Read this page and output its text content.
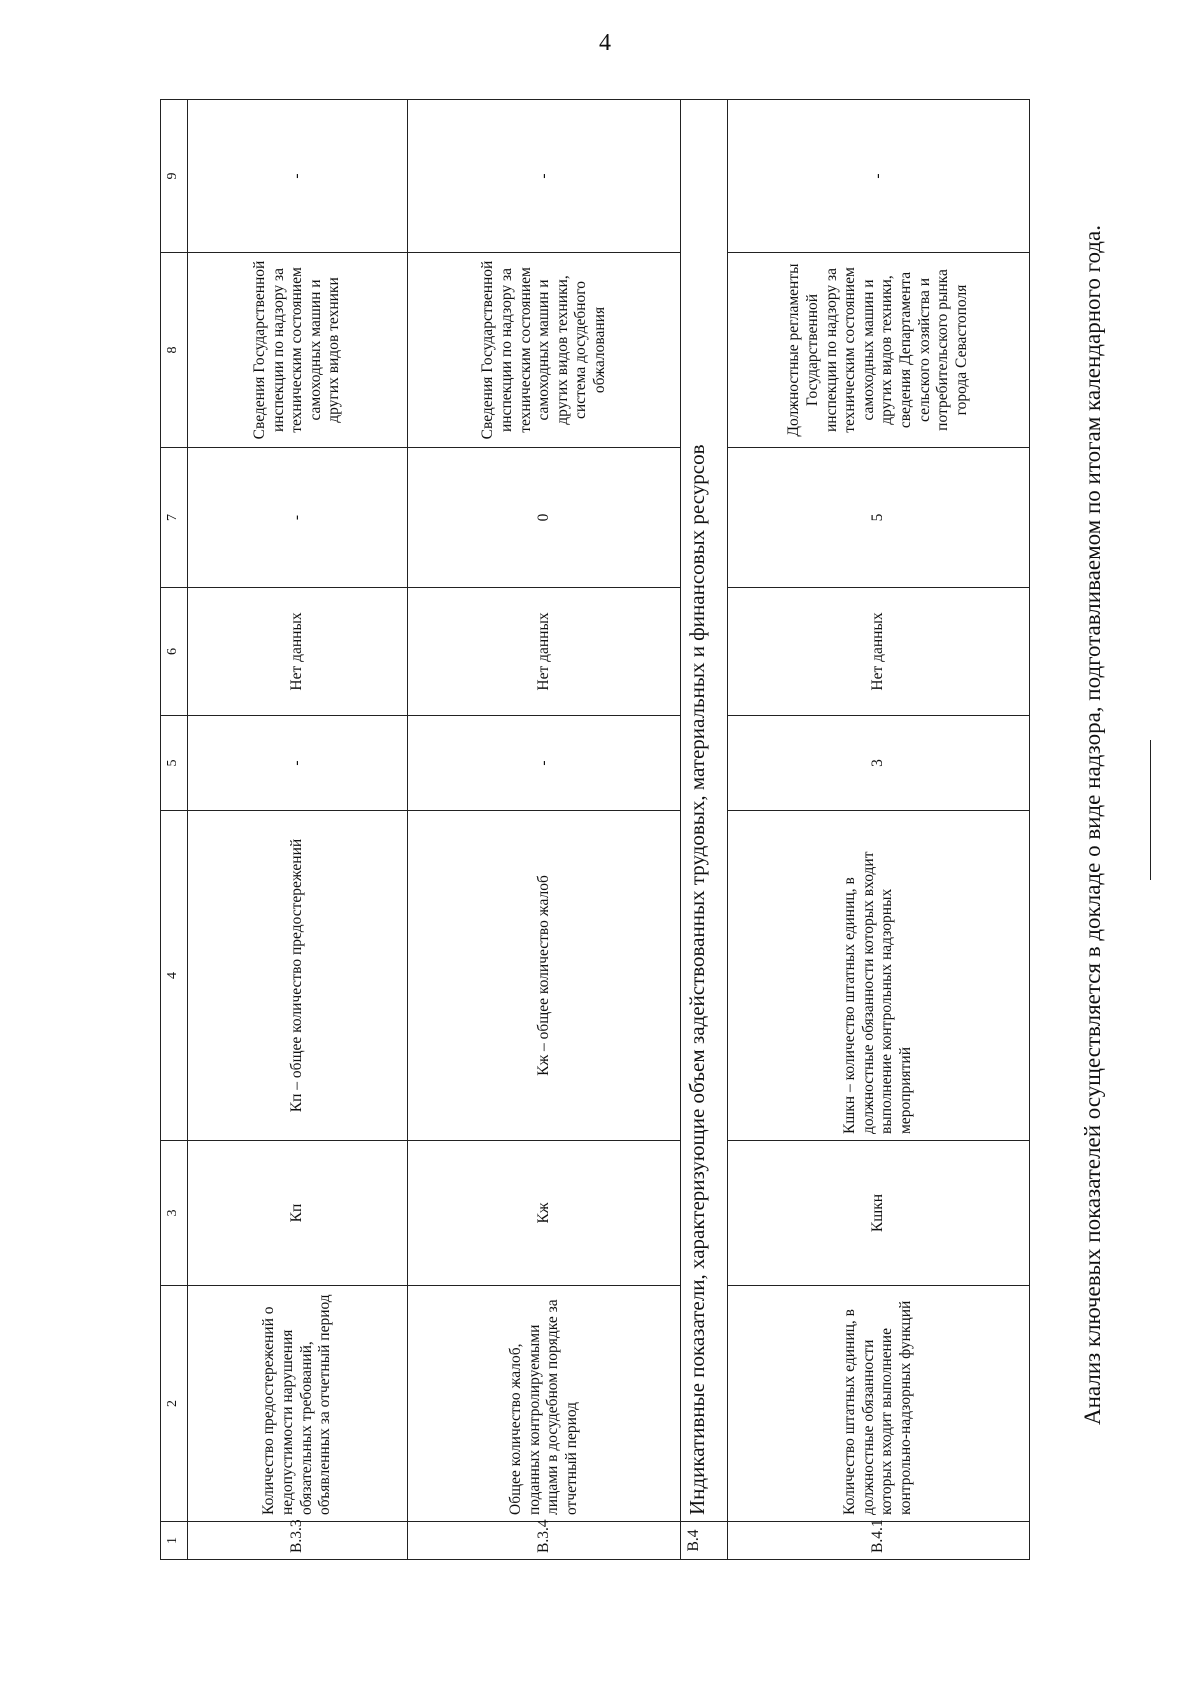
4
1	2	3	4	5	6	7	8	9
В.3.3	Количество предостережений о недопустимости нарушения обязательных требований, объявленных за отчетный период	Кп	Кп – общее количество предостережений	-	Нет данных	-	Сведения Государственной инспекции по надзору за техническим состоянием самоходных машин и других видов техники	-
В.3.4	Общее количество жалоб, поданных контролируемыми лицами в досудебном порядке за отчетный период	Кж	Кж – общее количество жалоб	-	Нет данных	0	Сведения Государственной инспекции по надзору за техническим состоянием самоходных машин и других видов техники, система досудебного обжалования	-
В.4	Индикативные показатели, характеризующие объем задействованных трудовых, материальных и финансовых ресурсов							
В.4.1	Количество штатных единиц, в должностные обязанности которых входит выполнение контрольно-надзорных функций	Кшкн	Кшкн – количество штатных единиц, в должностные обязанности которых входит выполнение контрольных надзорных мероприятий	3	Нет данных	5	Должностные регламенты Государственной инспекции по надзору за техническим состоянием самоходных машин и других видов техники, сведения Департамента сельского хозяйства и потребительского рынка города Севастополя	-
Анализ ключевых показателей осуществляется в докладе о виде надзора, подготавливаемом по итогам календарного года.
